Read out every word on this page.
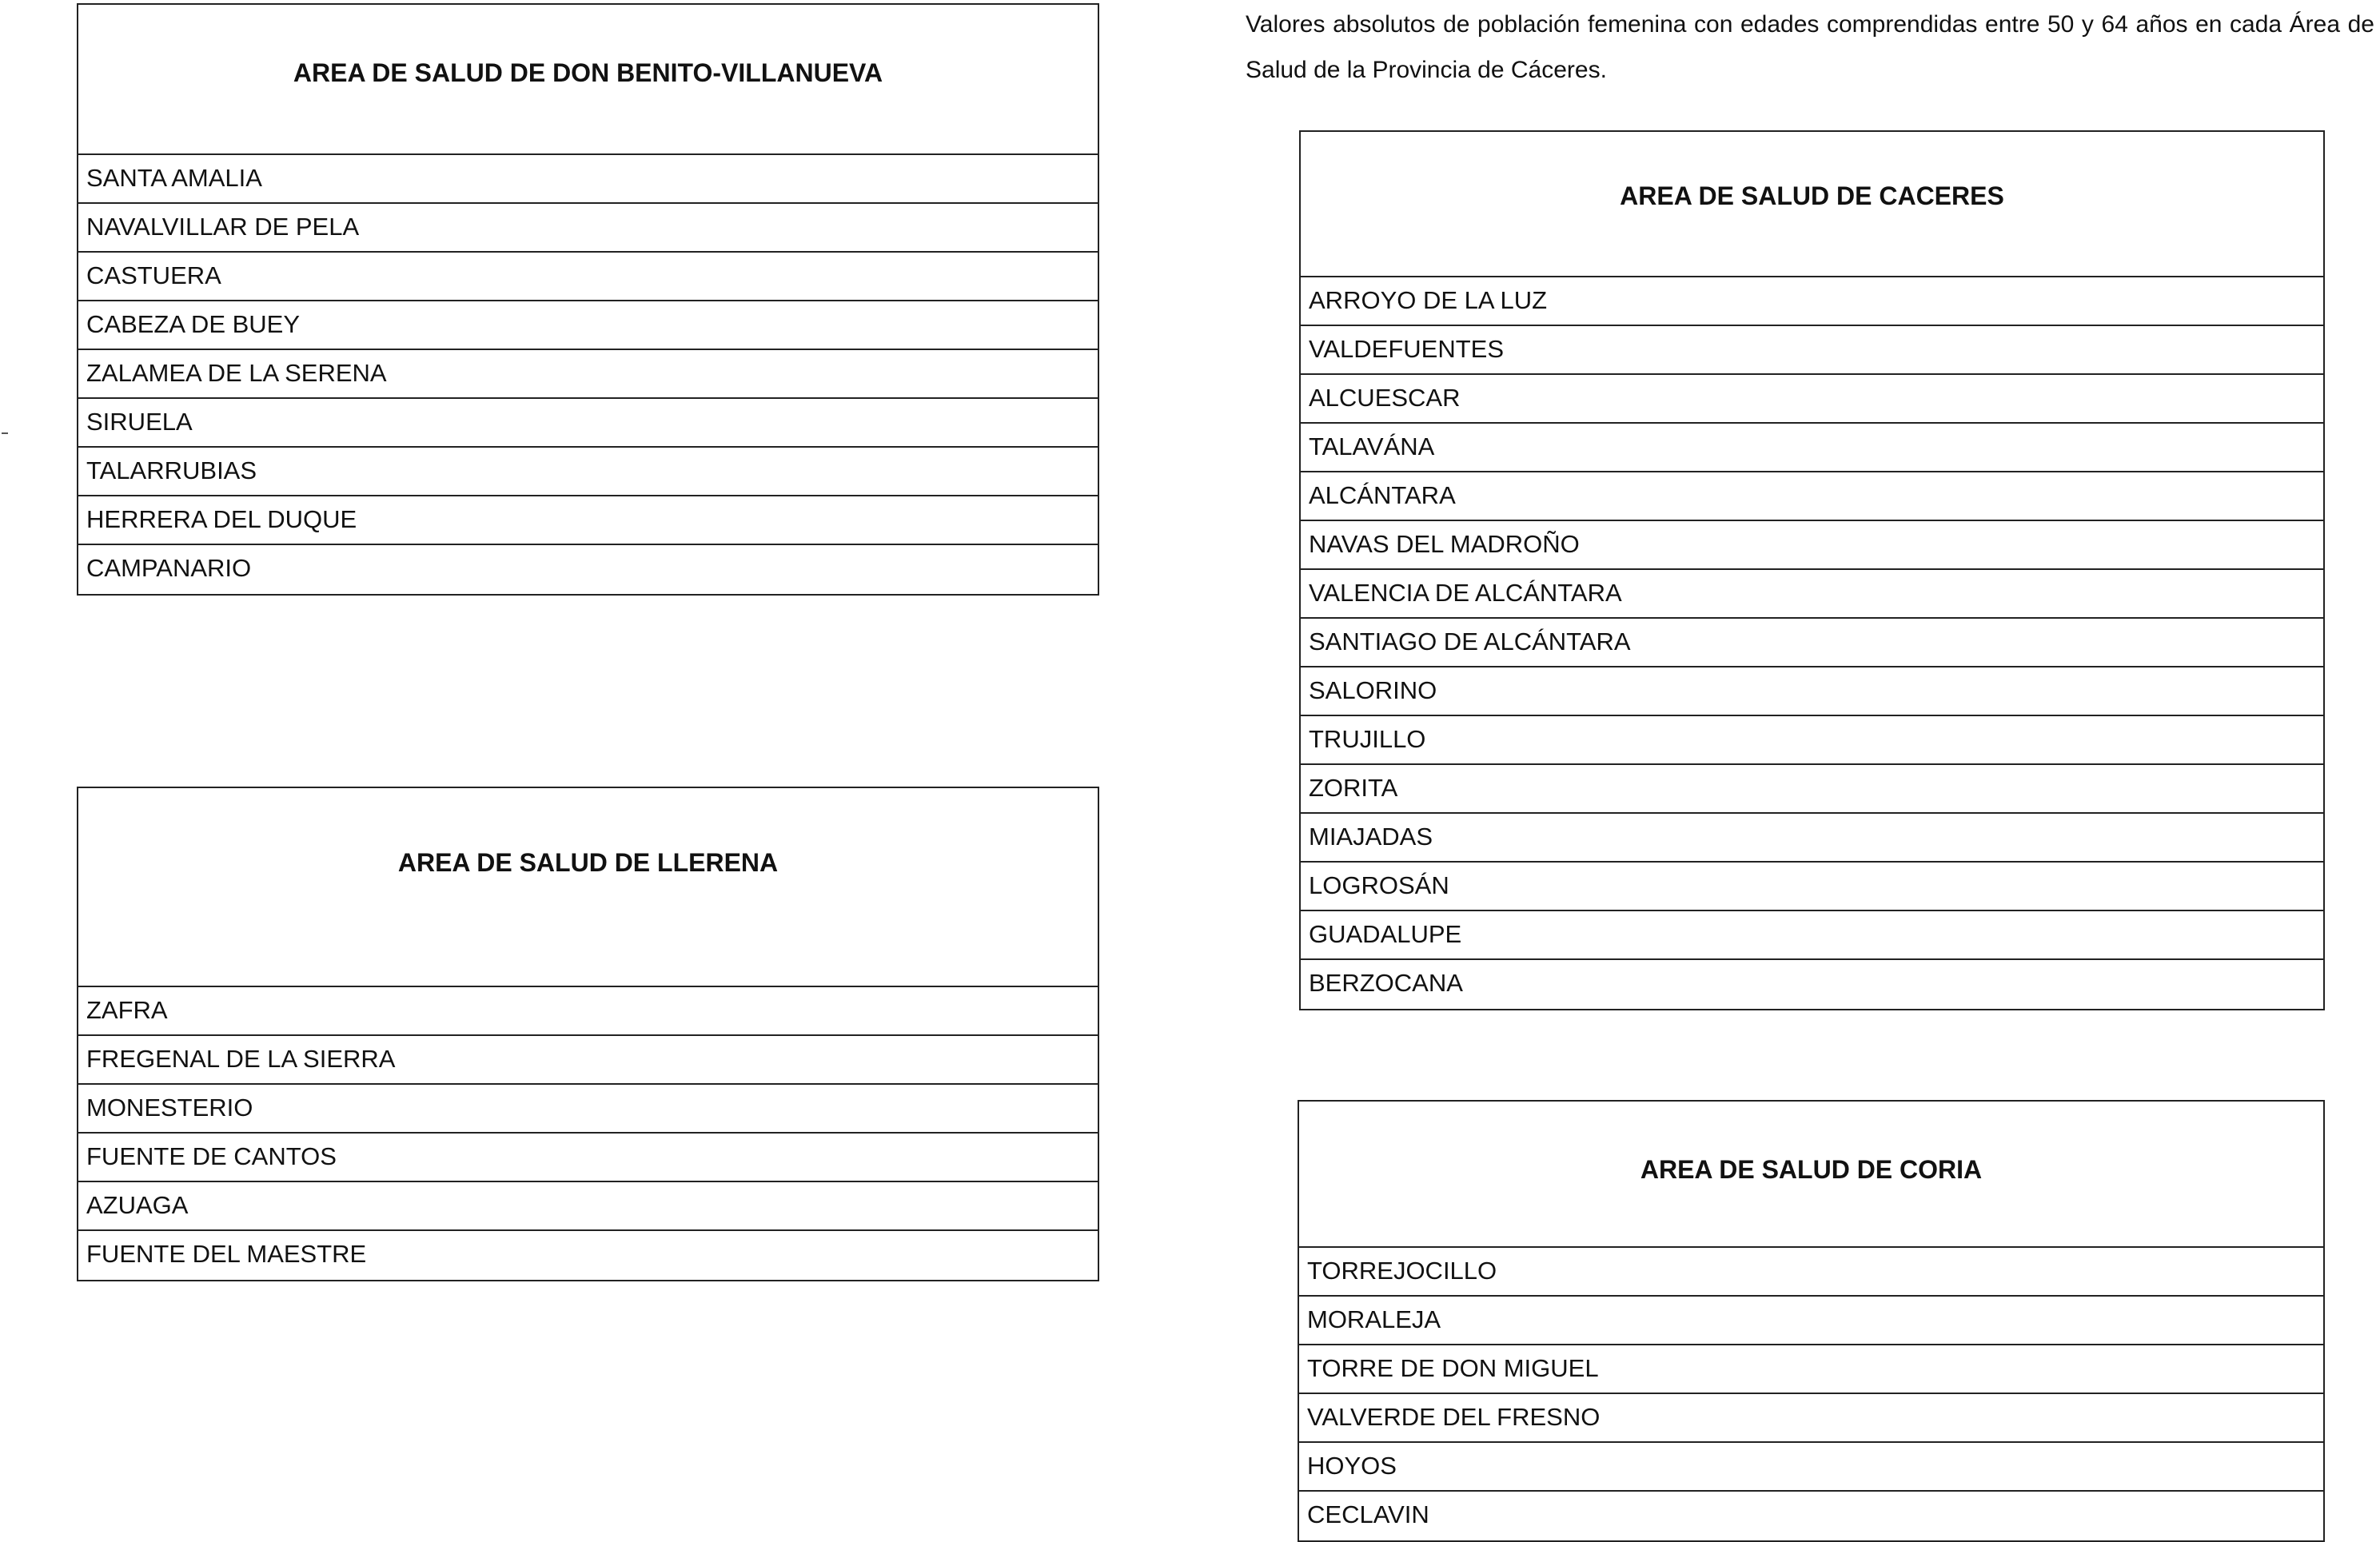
Valores absolutos de población femenina con edades comprendidas entre 50 y 64 años en cada Área de Salud de la Provincia de Cáceres.

AREA DE SALUD DE DON BENITO-VILLANUEVA
SANTA AMALIA
NAVALVILLAR DE PELA
CASTUERA
CABEZA DE BUEY
ZALAMEA DE LA SERENA
SIRUELA
TALARRUBIAS
HERRERA DEL DUQUE
CAMPANARIO
AREA DE SALUD DE LLERENA
ZAFRA
FREGENAL DE LA SIERRA
MONESTERIO
FUENTE DE CANTOS
AZUAGA
FUENTE DEL MAESTRE
AREA DE SALUD DE CACERES
ARROYO DE LA LUZ
VALDEFUENTES
ALCUESCAR
TALAVÁNA
ALCÁNTARA
NAVAS DEL MADROÑO
VALENCIA DE ALCÁNTARA
SANTIAGO DE ALCÁNTARA
SALORINO
TRUJILLO
ZORITA
MIAJADAS
LOGROSÁN
GUADALUPE
BERZOCANA
AREA DE SALUD DE CORIA
TORREJOCILLO
MORALEJA
TORRE DE DON MIGUEL
VALVERDE DEL FRESNO
HOYOS
CECLAVIN
